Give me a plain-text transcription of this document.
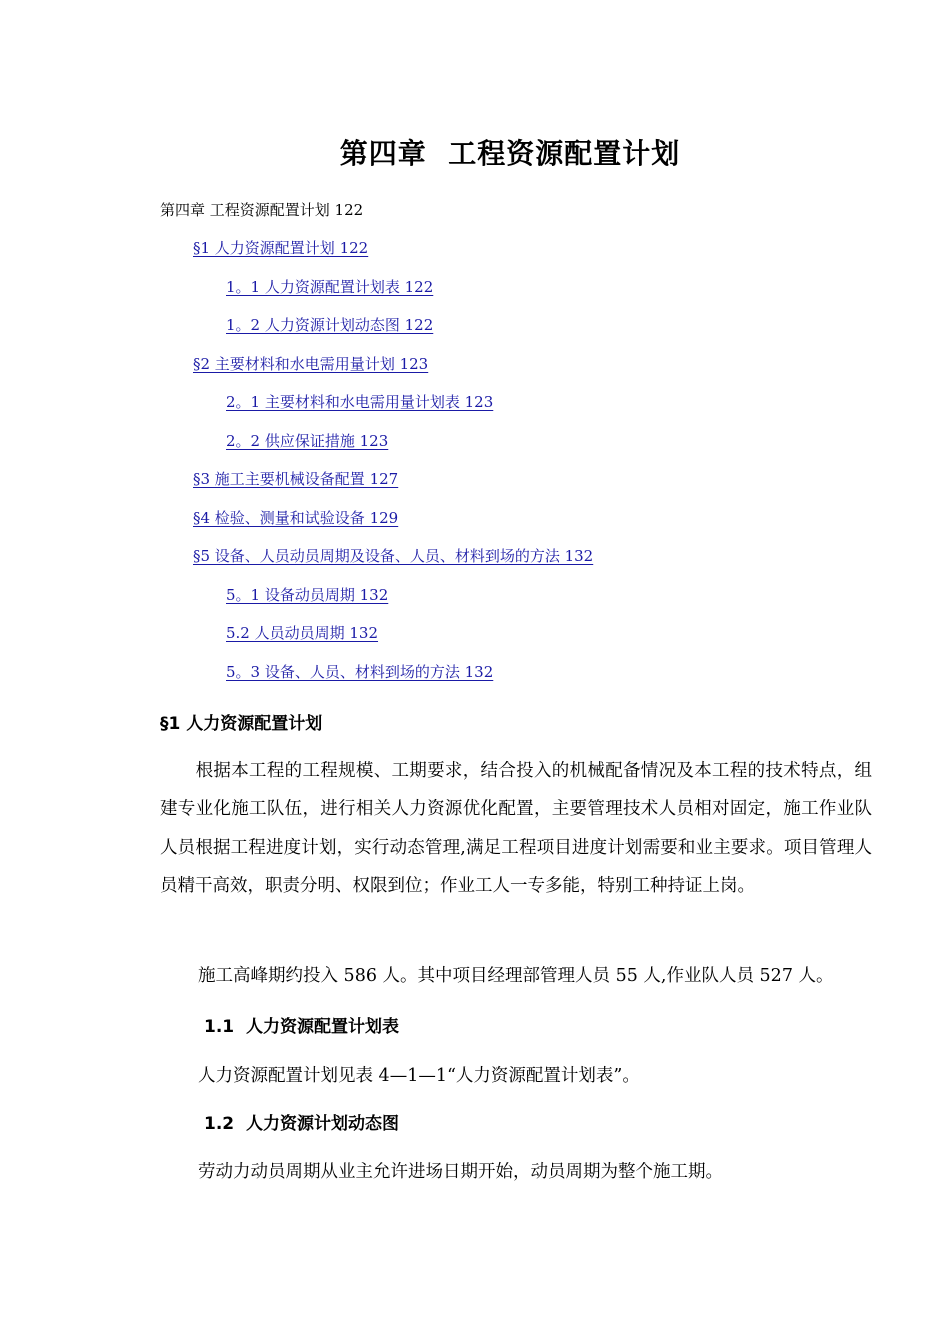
第四章  工程资源配置计划
第四章 工程资源配置计划 122
§1 人力资源配置计划 122
1。1 人力资源配置计划表 122
1。2 人力资源计划动态图 122
§2 主要材料和水电需用量计划 123
2。1 主要材料和水电需用量计划表 123
2。2 供应保证措施 123
§3 施工主要机械设备配置 127
§4 检验、测量和试验设备 129
§5 设备、人员动员周期及设备、人员、材料到场的方法 132
5。1 设备动员周期 132
5.2 人员动员周期 132
5。3 设备、人员、材料到场的方法 132
§1 人力资源配置计划

　　根据本工程的工程规模、工期要求，结合投入的机械配备情况及本工程的技术特点，组建专业化施工队伍，进行相关人力资源优化配置，主要管理技术人员相对固定，施工作业队人员根据工程进度计划，实行动态管理,满足工程项目进度计划需要和业主要求。项目管理人员精干高效，职责分明、权限到位；作业工人一专多能，特别工种持证上岗。

施工高峰期约投入 586 人。其中项目经理部管理人员 55 人,作业队人员 527 人。
1.1  人力资源配置计划表
人力资源配置计划见表 4—1—1“人力资源配置计划表”。
1.2  人力资源计划动态图
劳动力动员周期从业主允许进场日期开始，动员周期为整个施工期。
